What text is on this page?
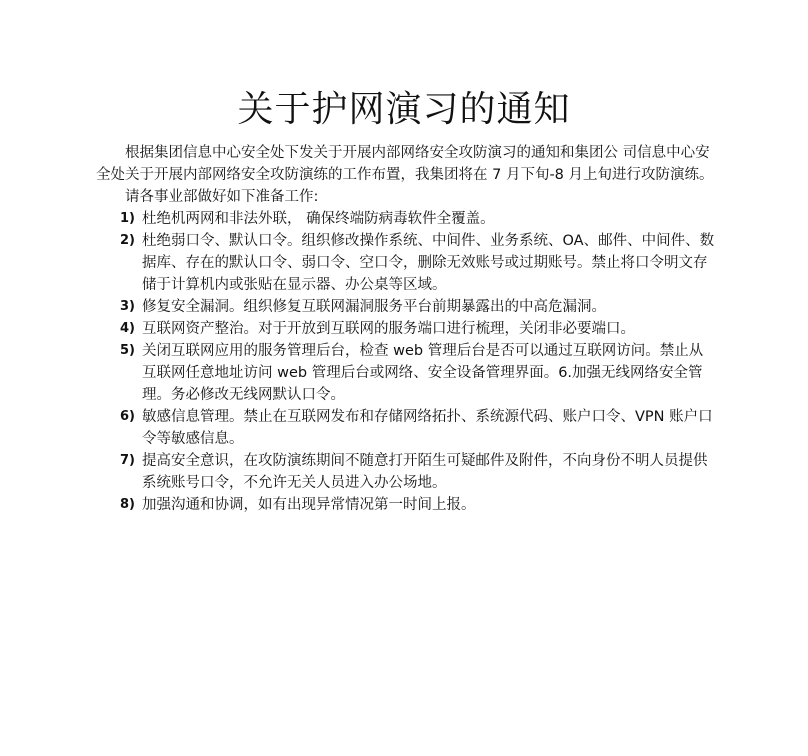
关于护网演习的通知

根据集团信息中心安全处下发关于开展内部网络安全攻防演习的通知和集团公 司信息中心安全处关于开展内部网络安全攻防演练的工作布置，我集团将在 7 月下旬-8 月上旬进行攻防演练。

请各事业部做好如下准备工作:

1) 杜绝机两网和非法外联， 确保终端防病毒软件全覆盖。
2) 杜绝弱口令、默认口令。组织修改操作系统、中间件、业务系统、OA、邮件、中间件、数据库、存在的默认口令、弱口令、空口令，删除无效账号或过期账号。禁止将口令明文存储于计算机内或张贴在显示器、办公桌等区域。
3) 修复安全漏洞。组织修复互联网漏洞服务平台前期暴露出的中高危漏洞。
4) 互联网资产整治。对于开放到互联网的服务端口进行梳理，关闭非必要端口。
5) 关闭互联网应用的服务管理后台，检查 web 管理后台是否可以通过互联网访问。禁止从互联网任意地址访问 web 管理后台或网络、安全设备管理界面。6.加强无线网络安全管理。务必修改无线网默认口令。
6) 敏感信息管理。禁止在互联网发布和存储网络拓扑、系统源代码、账户口令、VPN 账户口令等敏感信息。
7) 提高安全意识，在攻防演练期间不随意打开陌生可疑邮件及附件，不向身份不明人员提供系统账号口令，不允许无关人员进入办公场地。
8) 加强沟通和协调，如有出现异常情况第一时间上报。
